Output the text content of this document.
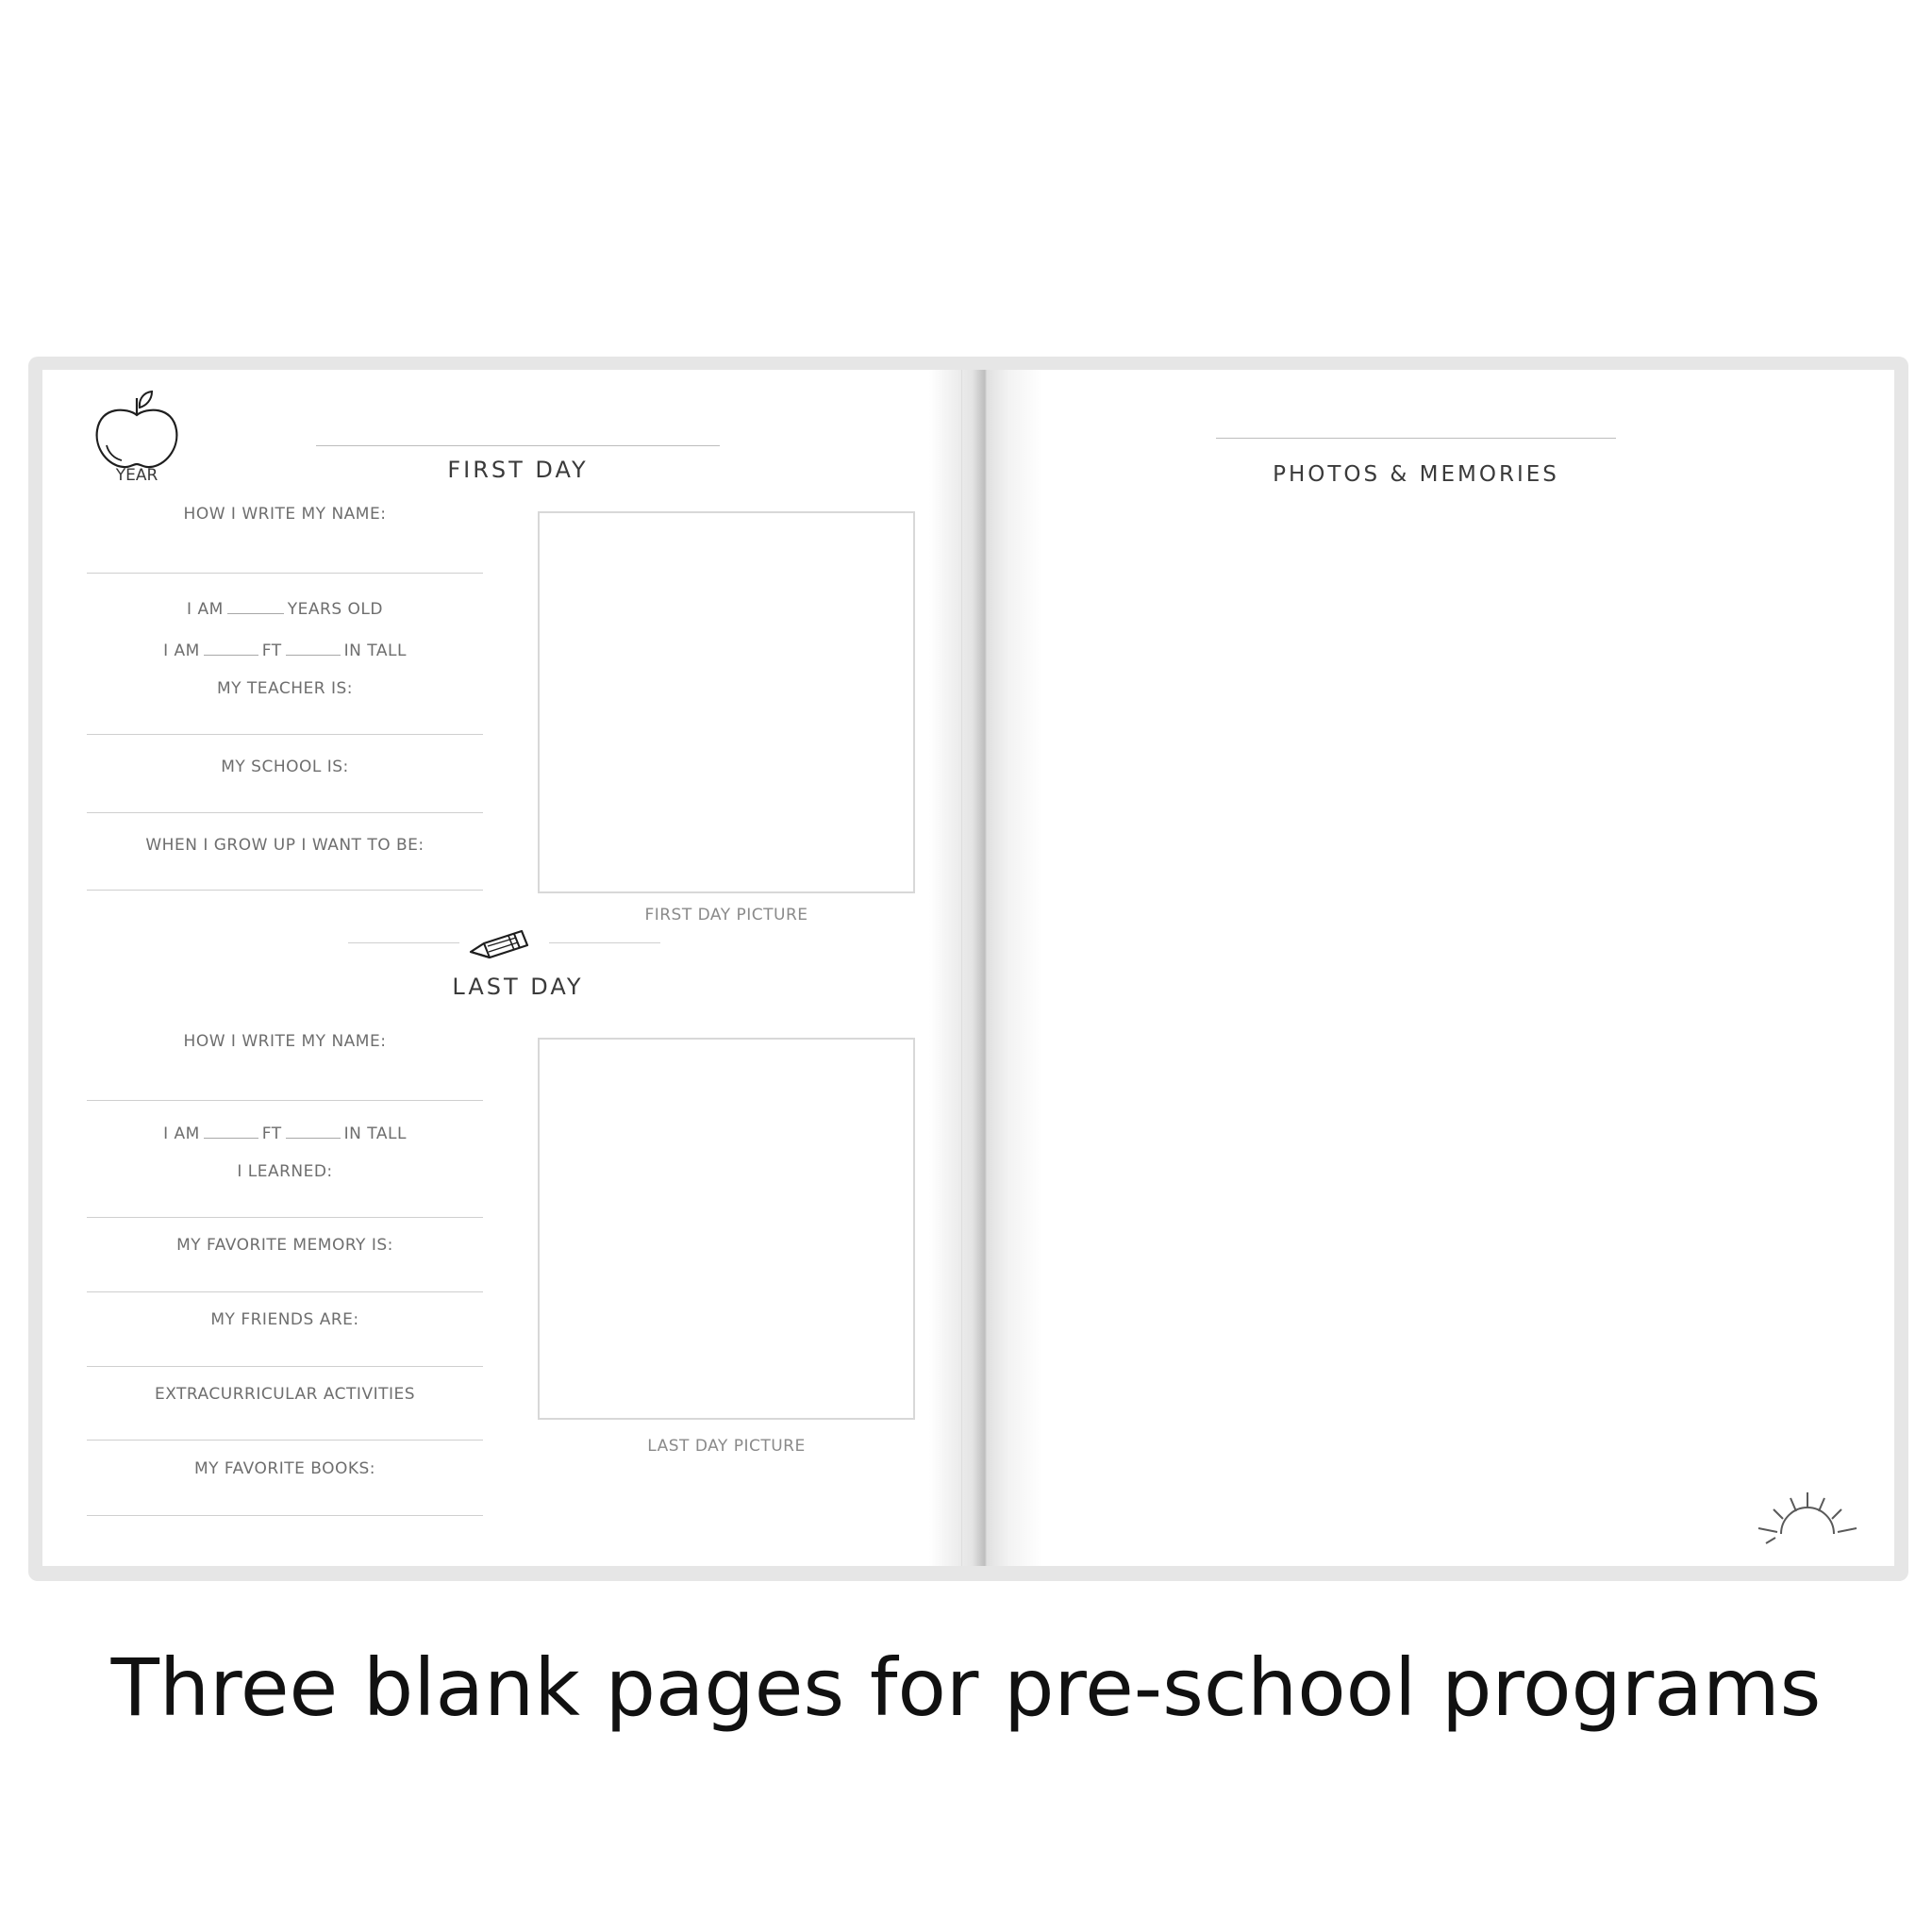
YEAR	FIRST DAY
HOW I WRITE MY NAME:
I AM	YEARS OLD
I AM	FT	IN TALL
MY TEACHER IS:
MY SCHOOL IS:
WHEN I GROW UP I WANT TO BE:
FIRST DAY PICTURE
LAST DAY
HOW I WRITE MY NAME:
I AM	FT	IN TALL
I LEARNED:
MY FAVORITE MEMORY IS:
MY FRIENDS ARE:
EXTRACURRICULAR ACTIVITIES
MY FAVORITE BOOKS:
LAST DAY PICTURE
PHOTOS & MEMORIES
Three blank pages for pre-school programs
